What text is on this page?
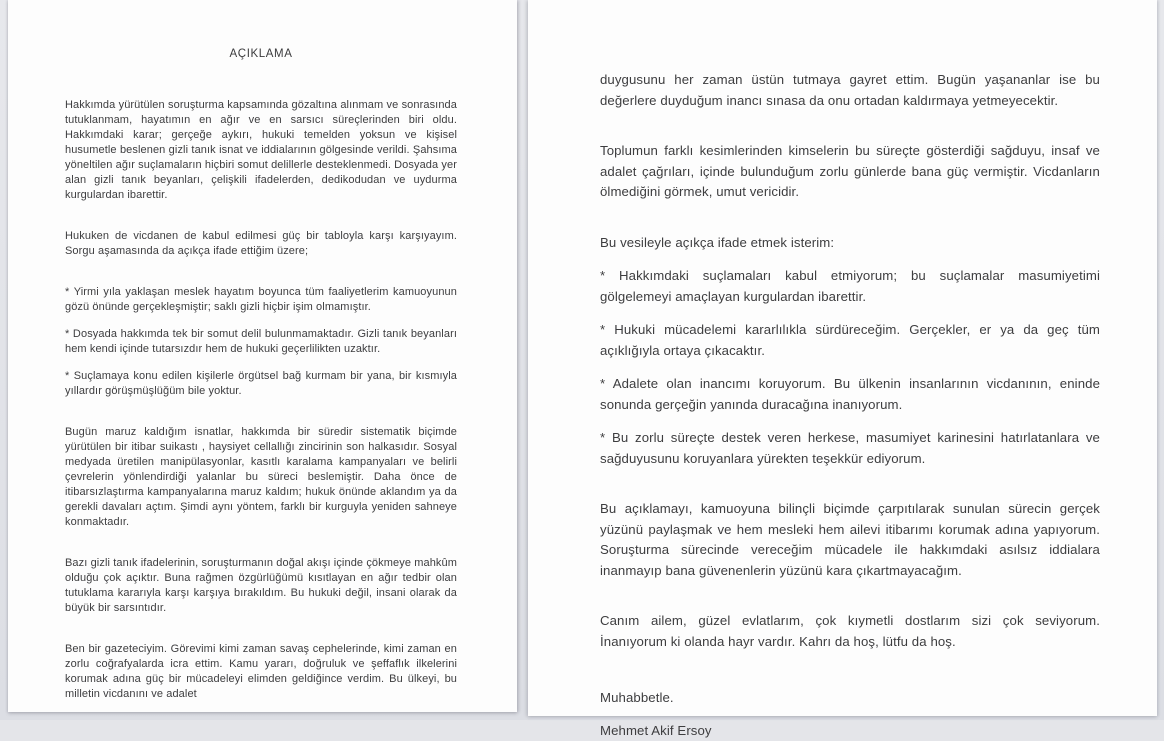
AÇIKLAMA

Hakkımda yürütülen soruşturma kapsamında gözaltına alınmam ve sonrasında tutuklanmam, hayatımın en ağır ve en sarsıcı süreçlerinden biri oldu. Hakkımdaki karar; gerçeğe aykırı, hukuki temelden yoksun ve kişisel husumetle beslenen gizli tanık isnat ve iddialarının gölgesinde verildi. Şahsıma yöneltilen ağır suçlamaların hiçbiri somut delillerle desteklenmedi. Dosyada yer alan gizli tanık beyanları, çelişkili ifadelerden, dedikodudan ve uydurma kurgulardan ibarettir.

Hukuken de vicdanen de kabul edilmesi güç bir tabloyla karşı karşıyayım. Sorgu aşamasında da açıkça ifade ettiğim üzere;

* Yirmi yıla yaklaşan meslek hayatım boyunca tüm faaliyetlerim kamuoyunun gözü önünde gerçekleşmiştir; saklı gizli hiçbir işim olmamıştır.

* Dosyada hakkımda tek bir somut delil bulunmamaktadır. Gizli tanık beyanları hem kendi içinde tutarsızdır hem de hukuki geçerlilikten uzaktır.

* Suçlamaya konu edilen kişilerle örgütsel bağ kurmam bir yana, bir kısmıyla yıllardır görüşmüşlüğüm bile yoktur.

Bugün maruz kaldığım isnatlar, hakkımda bir süredir sistematik biçimde yürütülen bir itibar suikastı , haysiyet cellallığı zincirinin son halkasıdır. Sosyal medyada üretilen manipülasyonlar, kasıtlı karalama kampanyaları ve belirli çevrelerin yönlendirdiği yalanlar bu süreci beslemiştir. Daha önce de itibarsızlaştırma kampanyalarına maruz kaldım; hukuk önünde aklandım ya da gerekli davaları açtım. Şimdi aynı yöntem, farklı bir kurguyla yeniden sahneye konmaktadır.

Bazı gizli tanık ifadelerinin, soruşturmanın doğal akışı içinde çökmeye mahkûm olduğu çok açıktır. Buna rağmen özgürlüğümü kısıtlayan en ağır tedbir olan tutuklama kararıyla karşı karşıya bırakıldım. Bu hukuki değil, insani olarak da büyük bir sarsıntıdır.

Ben bir gazeteciyim. Görevimi kimi zaman savaş cephelerinde, kimi zaman en zorlu coğrafyalarda icra ettim. Kamu yararı, doğruluk ve şeffaflık ilkelerini korumak adına güç bir mücadeleyi elimden geldiğince verdim. Bu ülkeyi, bu milletin vicdanını ve adalet

duygusunu her zaman üstün tutmaya gayret ettim. Bugün yaşananlar ise bu değerlere duyduğum inancı sınasa da onu ortadan kaldırmaya yetmeyecektir.

Toplumun farklı kesimlerinden kimselerin bu süreçte gösterdiği sağduyu, insaf ve adalet çağrıları, içinde bulunduğum zorlu günlerde bana güç vermiştir. Vicdanların ölmediğini görmek, umut vericidir.

Bu vesileyle açıkça ifade etmek isterim:

* Hakkımdaki suçlamaları kabul etmiyorum; bu suçlamalar masumiyetimi gölgelemeyi amaçlayan kurgulardan ibarettir.

* Hukuki mücadelemi kararlılıkla sürdüreceğim. Gerçekler, er ya da geç tüm açıklığıyla ortaya çıkacaktır.

* Adalete olan inancımı koruyorum. Bu ülkenin insanlarının vicdanının, eninde sonunda gerçeğin yanında duracağına inanıyorum.

* Bu zorlu süreçte destek veren herkese, masumiyet karinesini hatırlatanlara ve sağduyusunu koruyanlara yürekten teşekkür ediyorum.

Bu açıklamayı, kamuoyuna bilinçli biçimde çarpıtılarak sunulan sürecin gerçek yüzünü paylaşmak ve hem mesleki hem ailevi itibarımı korumak adına yapıyorum. Soruşturma sürecinde vereceğim mücadele ile hakkımdaki asılsız iddialara inanmayıp bana güvenenlerin yüzünü kara çıkartmayacağım.

Canım ailem, güzel evlatlarım, çok kıymetli dostlarım sizi çok seviyorum. İnanıyorum ki olanda hayr vardır. Kahrı da hoş, lütfu da hoş.

Muhabbetle.

Mehmet Akif Ersoy
